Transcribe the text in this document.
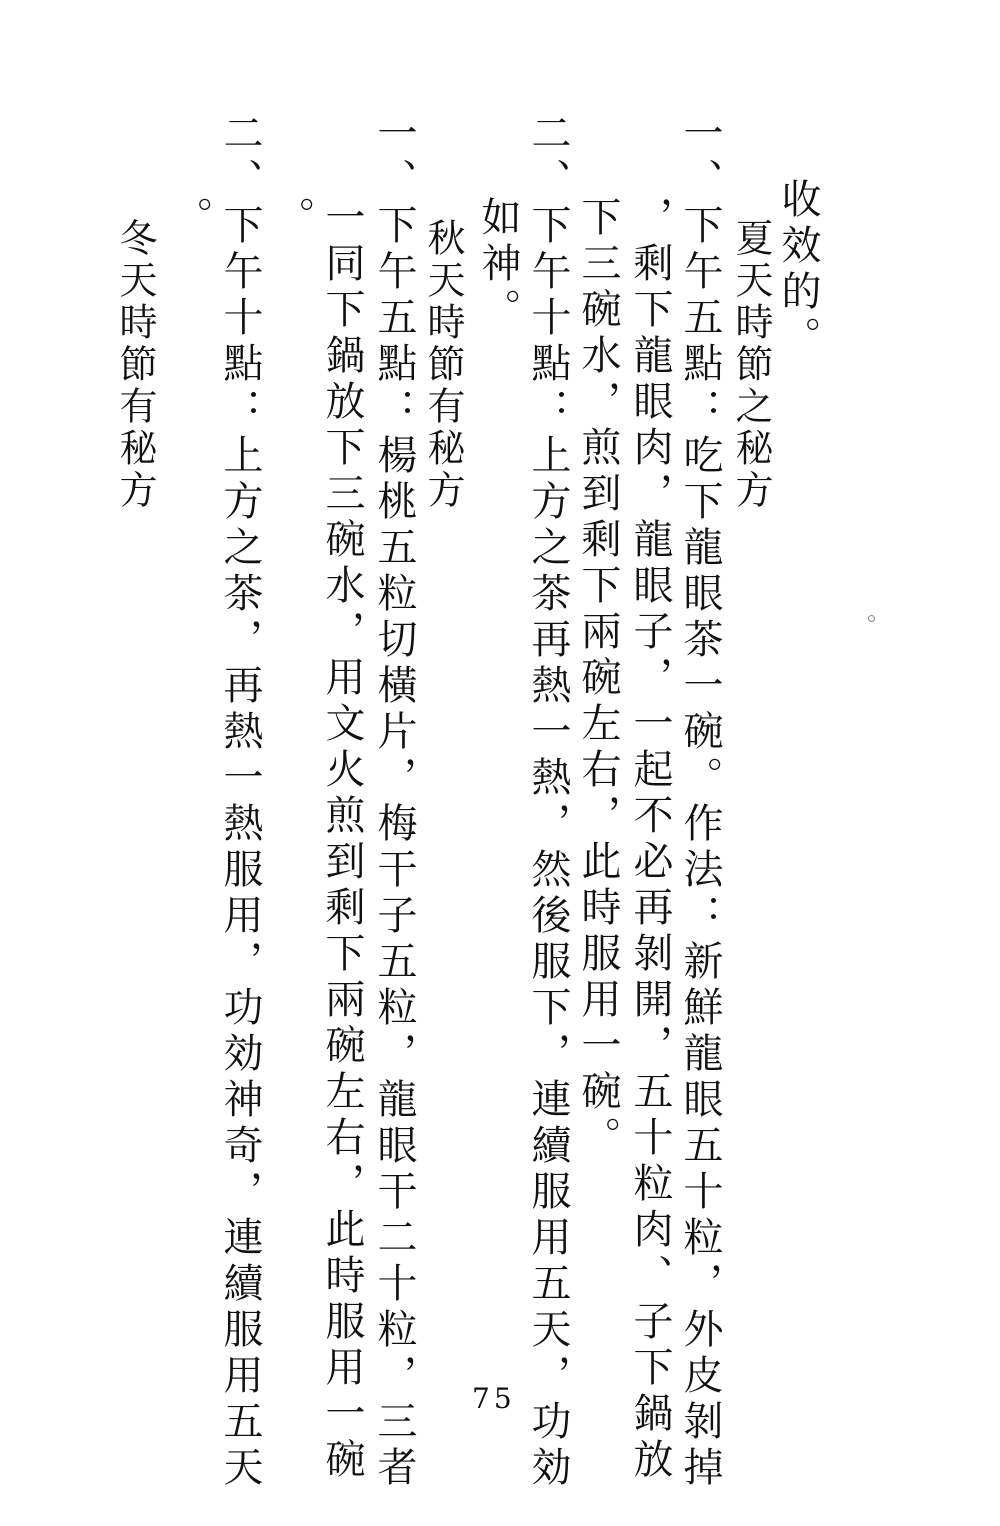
收效的。
夏天時節之秘方
一、下午五點：吃下龍眼茶一碗。作法：新鮮龍眼五十粒，外皮剝掉
，剩下龍眼肉，龍眼子，一起不必再剝開，五十粒肉、子下鍋放
下三碗水，煎到剩下兩碗左右，此時服用一碗。
二、下午十點：上方之茶再熱一熱，然後服下，連續服用五天，功効
如神。
秋天時節有秘方
一、下午五點：楊桃五粒切橫片，梅干子五粒，龍眼干二十粒，三者
一同下鍋放下三碗水，用文火煎到剩下兩碗左右，此時服用一碗
。
二、下午十點：上方之茶，再熱一熱服用，功効神奇，連續服用五天
。
冬天時節有秘方
75
